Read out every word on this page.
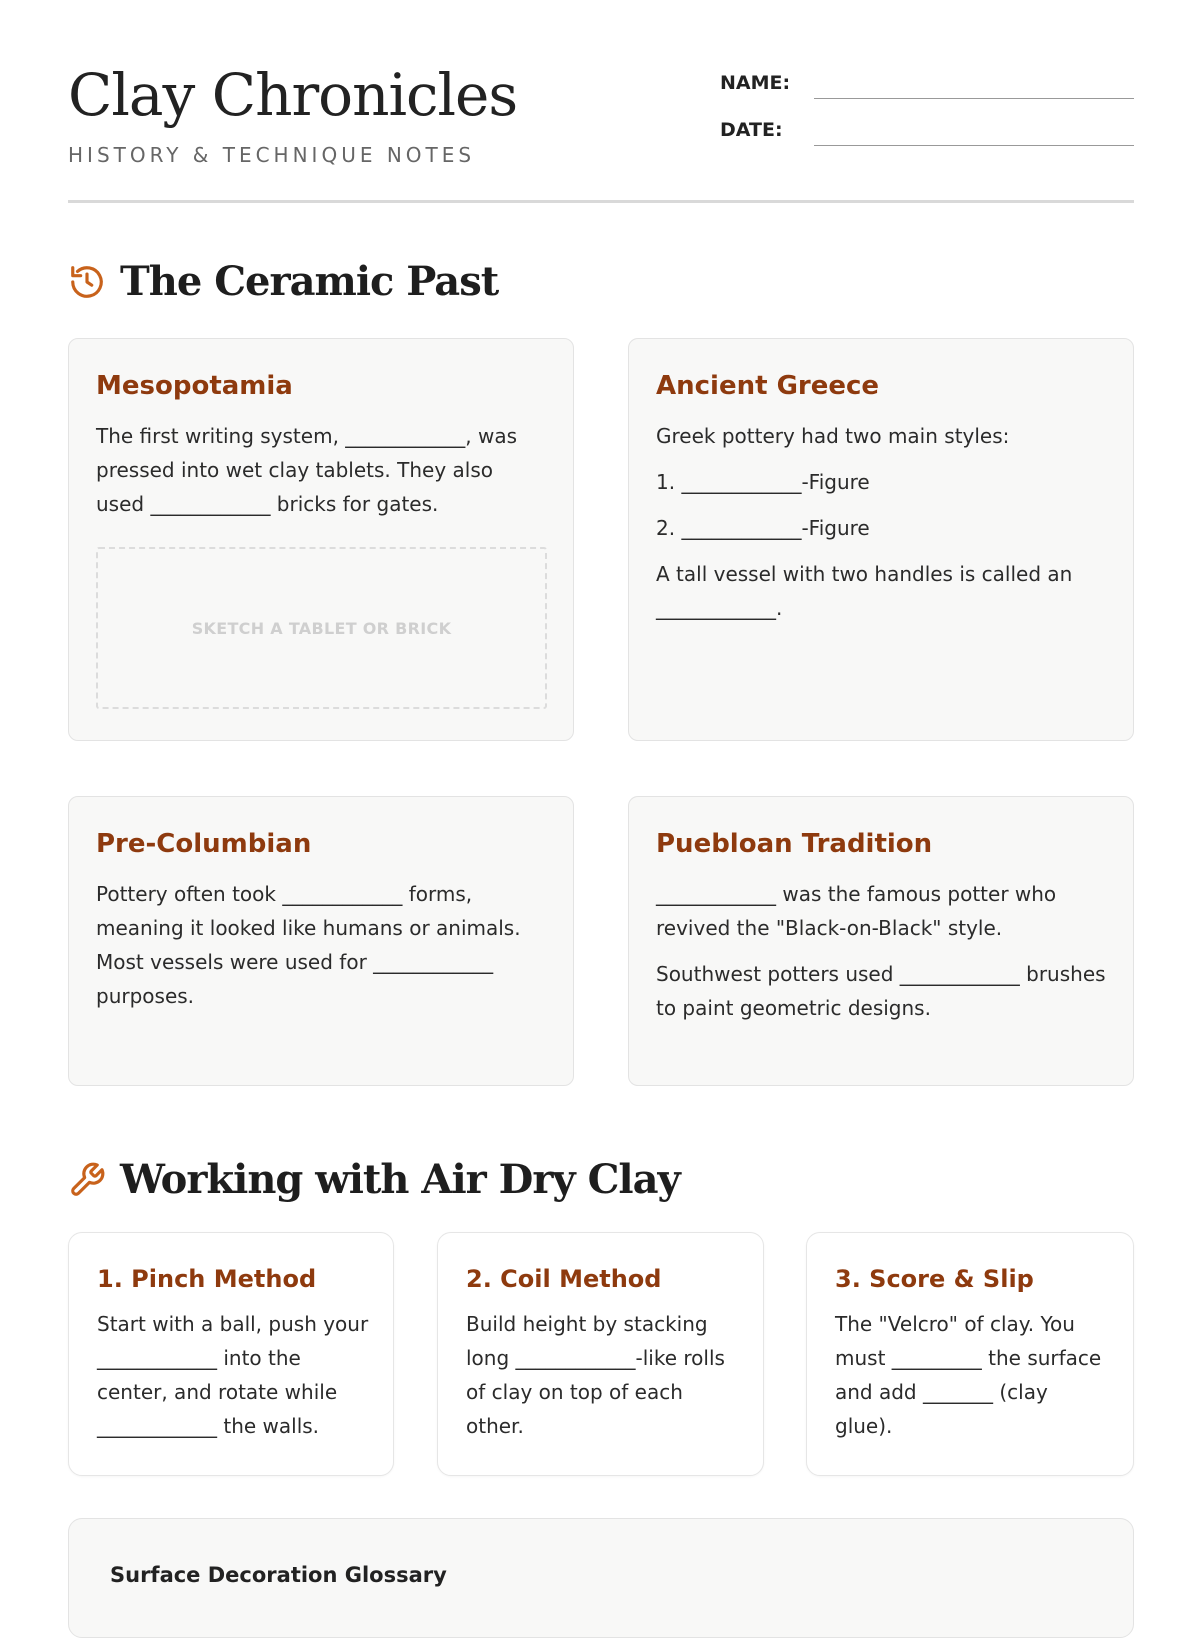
Clay Chronicles
HISTORY & TECHNIQUE NOTES
NAME:
DATE:
The Ceramic Past
Mesopotamia

The first writing system, ____________, was pressed into wet clay tablets. They also used ____________ bricks for gates.

SKETCH A TABLET OR BRICK
Ancient Greece

Greek pottery had two main styles:

1. ____________-Figure

2. ____________-Figure

A tall vessel with two handles is called an ____________.

Pre-Columbian

Pottery often took ____________ forms, meaning it looked like humans or animals. Most vessels were used for ____________ purposes.

Puebloan Tradition

____________ was the famous potter who revived the "Black-on-Black" style.

Southwest potters used ____________ brushes to paint geometric designs.

Working with Air Dry Clay
1. Pinch Method

Start with a ball, push your ____________ into the center, and rotate while ____________ the walls.

2. Coil Method

Build height by stacking long ____________-like rolls of clay on top of each other.

3. Score & Slip

The "Velcro" of clay. You must _________ the surface and add _______ (clay glue).

Surface Decoration Glossary
